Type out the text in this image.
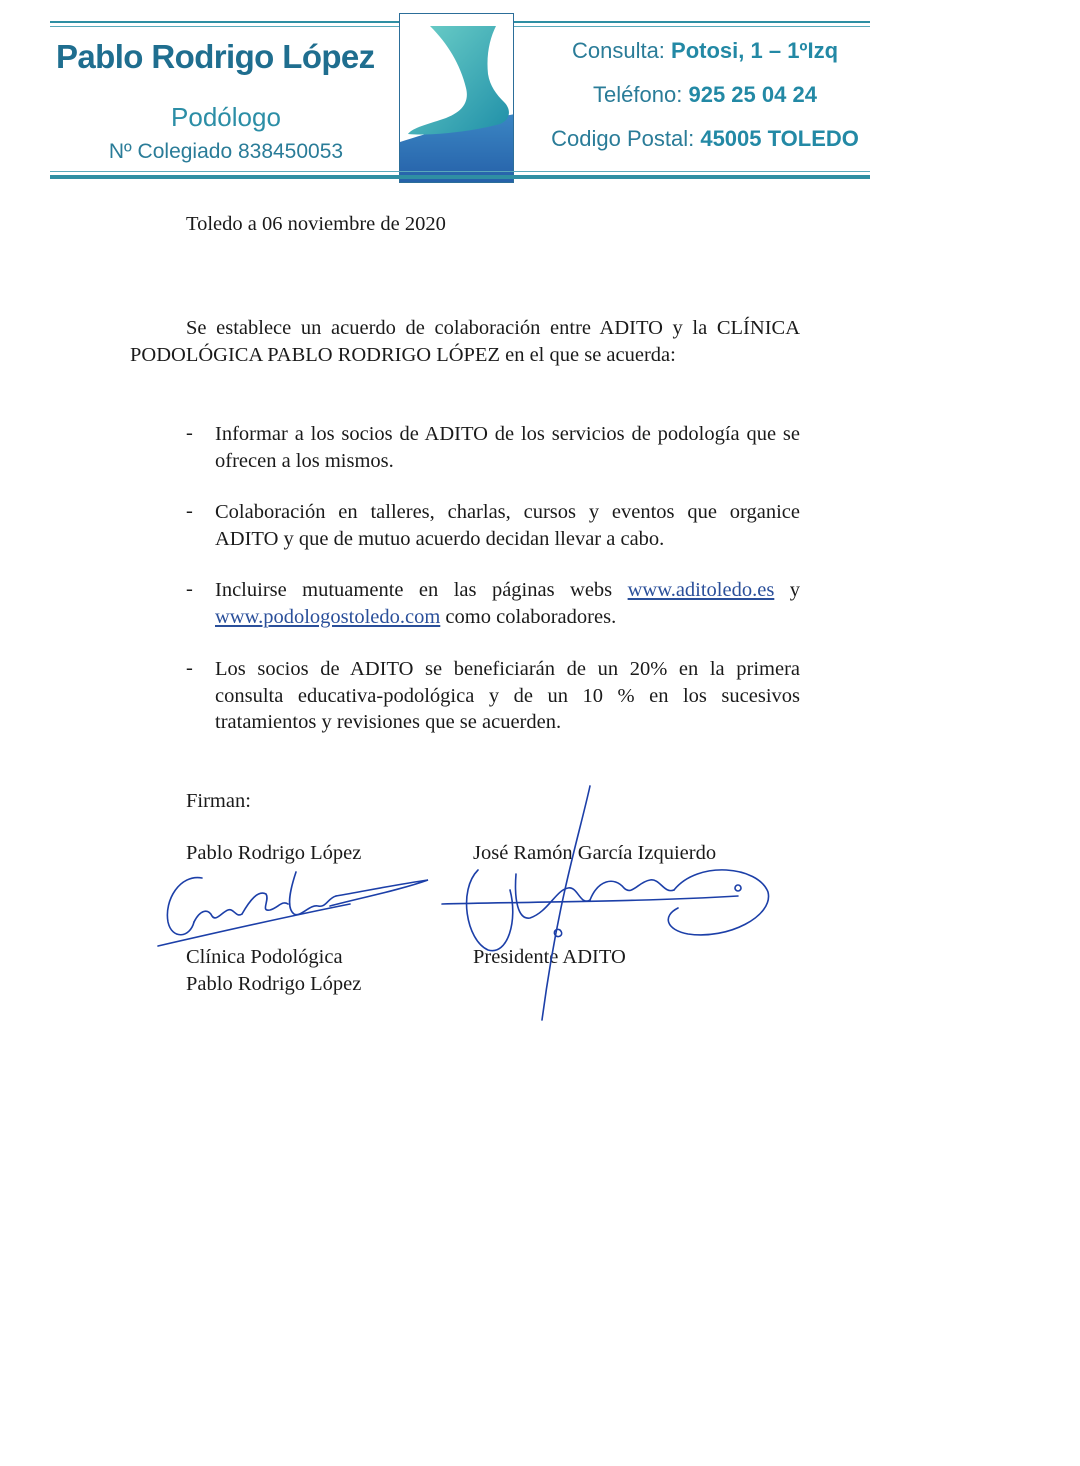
Pablo Rodrigo López
Podólogo
Nº Colegiado 838450053
Consulta: Potosi, 1 – 1ºIzq
Teléfono: 925 25 04 24
Codigo Postal: 45005 TOLEDO
Toledo a 06 noviembre de 2020
Se establece un acuerdo de colaboración entre ADITO y la CLÍNICA PODOLÓGICA PABLO RODRIGO LÓPEZ en el que se acuerda:
- Informar a los socios de ADITO de los servicios de podología que se ofrecen a los mismos.
- Colaboración en talleres, charlas, cursos y eventos que organice ADITO y que de mutuo acuerdo decidan llevar a cabo.
- Incluirse mutuamente en las páginas webs www.aditoledo.es y www.podologostoledo.com como colaboradores.
- Los socios de ADITO se beneficiarán de un 20% en la primera consulta educativa-podológica y de un 10 % en los sucesivos tratamientos y revisiones que se acuerden.
Firman:
Pablo Rodrigo López
Clínica Podológica
Pablo Rodrigo López
José Ramón García Izquierdo
Presidente ADITO
